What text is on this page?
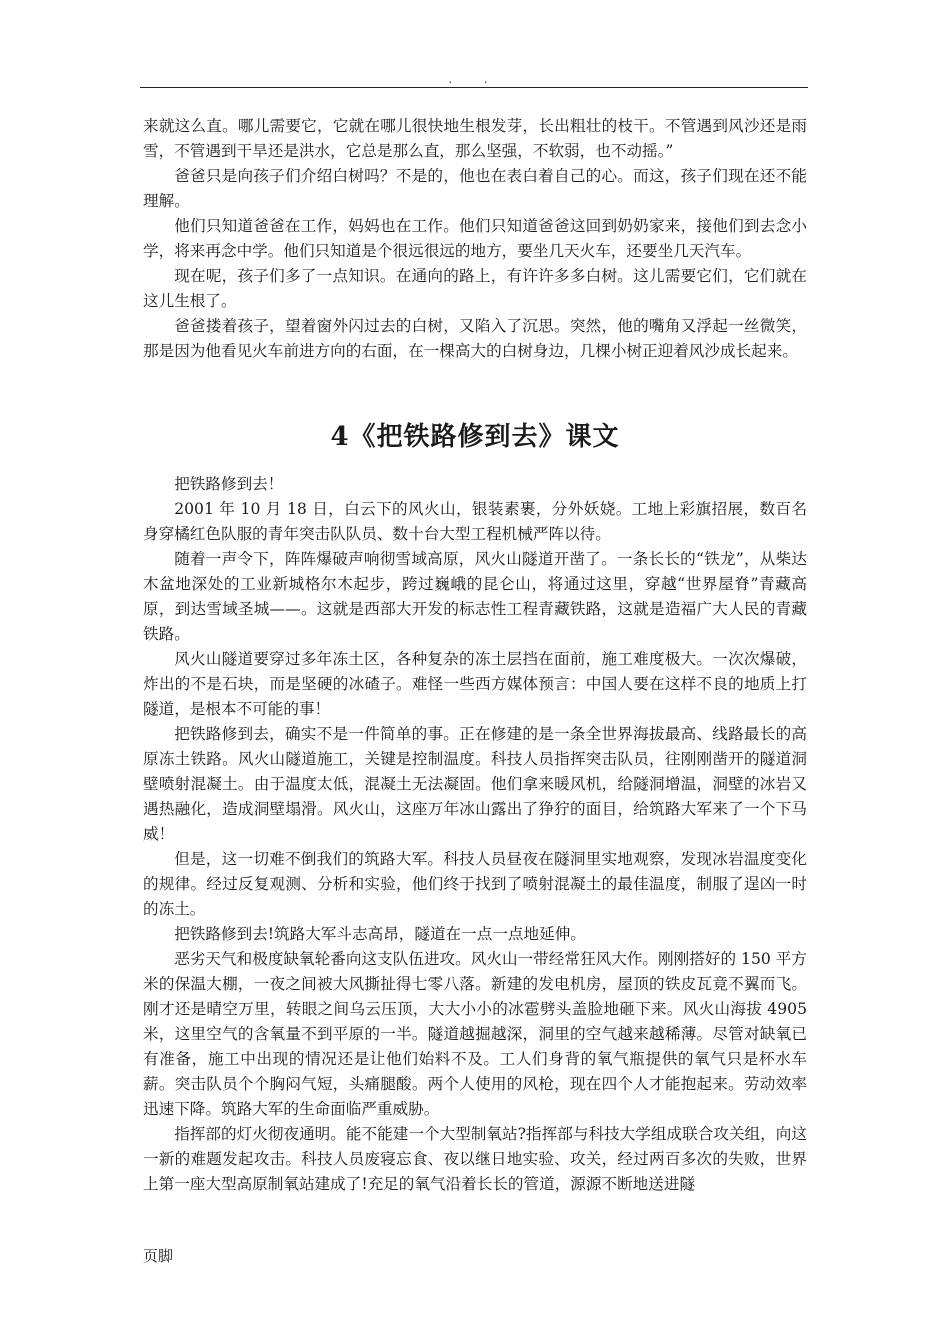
. .

来就这么直。哪儿需要它，它就在哪儿很快地生根发芽，长出粗壮的枝干。不管遇到风沙还是雨雪，不管遇到干旱还是洪水，它总是那么直，那么坚强，不软弱，也不动摇。”

爸爸只是向孩子们介绍白树吗？不是的，他也在表白着自己的心。而这，孩子们现在还不能理解。

他们只知道爸爸在工作，妈妈也在工作。他们只知道爸爸这回到奶奶家来，接他们到去念小学，将来再念中学。他们只知道是个很远很远的地方，要坐几天火车，还要坐几天汽车。

现在呢，孩子们多了一点知识。在通向的路上，有许许多多白树。这儿需要它们，它们就在这儿生根了。

爸爸搂着孩子，望着窗外闪过去的白树，又陷入了沉思。突然，他的嘴角又浮起一丝微笑，那是因为他看见火车前进方向的右面，在一棵高大的白树身边，几棵小树正迎着风沙成长起来。

4《把铁路修到去》课文

把铁路修到去！

2001 年 10 月 18 日，白云下的风火山，银装素裹，分外妖娆。工地上彩旗招展，数百名身穿橘红色队服的青年突击队队员、数十台大型工程机械严阵以待。

随着一声令下，阵阵爆破声响彻雪域高原，风火山隧道开凿了。一条长长的“铁龙”，从柴达木盆地深处的工业新城格尔木起步，跨过巍峨的昆仑山，将通过这里，穿越“世界屋脊”青藏高原，到达雪域圣城——。这就是西部大开发的标志性工程青藏铁路，这就是造福广大人民的青藏铁路。

风火山隧道要穿过多年冻土区，各种复杂的冻土层挡在面前，施工难度极大。一次次爆破，炸出的不是石块，而是坚硬的冰碴子。难怪一些西方媒体预言：中国人要在这样不良的地质上打隧道，是根本不可能的事！

把铁路修到去，确实不是一件简单的事。正在修建的是一条全世界海拔最高、线路最长的高原冻土铁路。风火山隧道施工，关键是控制温度。科技人员指挥突击队员，往刚刚凿开的隧道洞壁喷射混凝土。由于温度太低，混凝土无法凝固。他们拿来暖风机，给隧洞增温，洞壁的冰岩又遇热融化，造成洞壁塌滑。风火山，这座万年冰山露出了狰狞的面目，给筑路大军来了一个下马威！

但是，这一切难不倒我们的筑路大军。科技人员昼夜在隧洞里实地观察，发现冰岩温度变化的规律。经过反复观测、分析和实验，他们终于找到了喷射混凝土的最佳温度，制服了逞凶一时的冻土。

把铁路修到去!筑路大军斗志高昂，隧道在一点一点地延伸。

恶劣天气和极度缺氧轮番向这支队伍进攻。风火山一带经常狂风大作。刚刚搭好的 150 平方米的保温大棚，一夜之间被大风撕扯得七零八落。新建的发电机房，屋顶的铁皮瓦竟不翼而飞。刚才还是晴空万里，转眼之间乌云压顶，大大小小的冰雹劈头盖脸地砸下来。风火山海拔 4905 米，这里空气的含氧量不到平原的一半。隧道越掘越深，洞里的空气越来越稀薄。尽管对缺氧已有准备，施工中出现的情况还是让他们始料不及。工人们身背的氧气瓶提供的氧气只是杯水车薪。突击队员个个胸闷气短，头痛腿酸。两个人使用的风枪，现在四个人才能抱起来。劳动效率迅速下降。筑路大军的生命面临严重威胁。

指挥部的灯火彻夜通明。能不能建一个大型制氧站?指挥部与科技大学组成联合攻关组，向这一新的难题发起攻击。科技人员废寝忘食、夜以继日地实验、攻关，经过两百多次的失败，世界上第一座大型高原制氧站建成了!充足的氧气沿着长长的管道，源源不断地送进隧

页脚
